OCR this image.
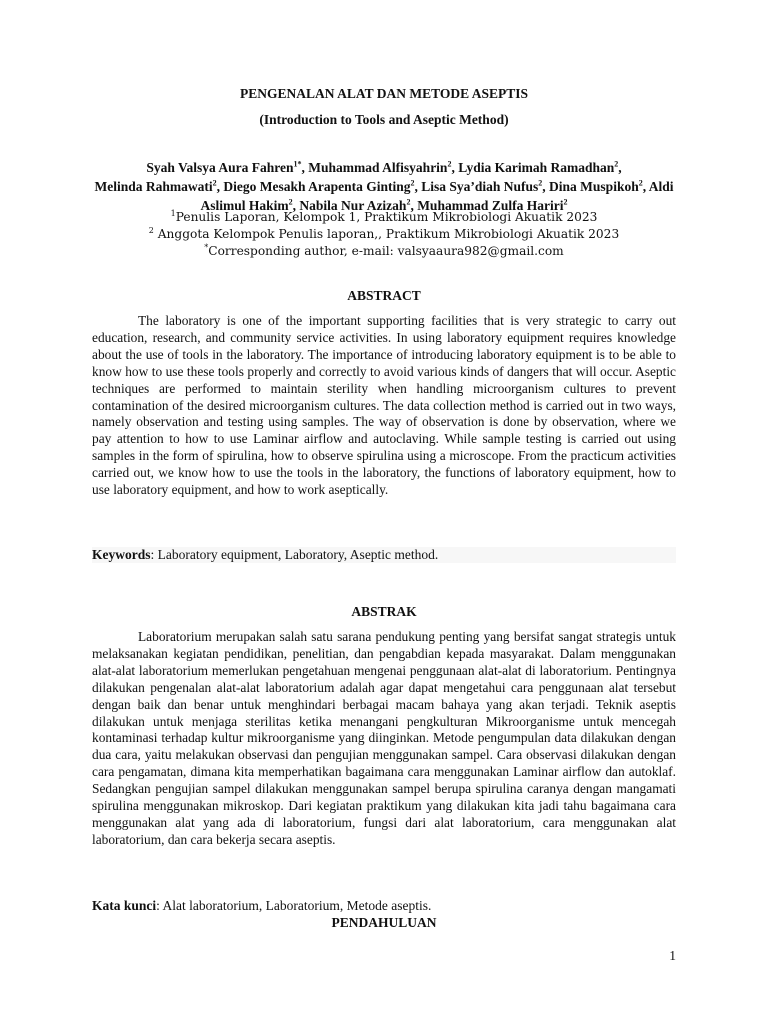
PENGENALAN ALAT DAN METODE ASEPTIS
(Introduction to Tools and Aseptic Method)
Syah Valsya Aura Fahren$^{1*}$, Muhammad Alfisyahrin$^2$, Lydia Karimah Ramadhan$^2$,
Melinda Rahmawati$^2$, Diego Mesakh Arapenta Ginting$^2$, Lisa Sya’diah Nufus$^2$, Dina Muspikoh$^2$, Aldi Aslimul Hakim$^2$, Nabila Nur Azizah$^2$, Muhammad Zulfa Hariri$^2$
$^1$Penulis Laporan, Kelompok 1, Praktikum Mikrobiologi Akuatik 2023
$^2$ Anggota Kelompok Penulis laporan,, Praktikum Mikrobiologi Akuatik 2023
*Corresponding author, e-mail: valsyaaura982@gmail.com
ABSTRACT
The laboratory is one of the important supporting facilities that is very strategic to carry out education, research, and community service activities. In using laboratory equipment requires knowledge about the use of tools in the laboratory. The importance of introducing laboratory equipment is to be able to know how to use these tools properly and correctly to avoid various kinds of dangers that will occur. Aseptic techniques are performed to maintain sterility when handling microorganism cultures to prevent contamination of the desired microorganism cultures. The data collection method is carried out in two ways, namely observation and testing using samples. The way of observation is done by observation, where we pay attention to how to use Laminar airflow and autoclaving. While sample testing is carried out using samples in the form of spirulina, how to observe spirulina using a microscope. From the practicum activities carried out, we know how to use the tools in the laboratory, the functions of laboratory equipment, how to use laboratory equipment, and how to work aseptically.
Keywords: Laboratory equipment, Laboratory, Aseptic method.
ABSTRAK
Laboratorium merupakan salah satu sarana pendukung penting yang bersifat sangat strategis untuk melaksanakan kegiatan pendidikan, penelitian, dan pengabdian kepada masyarakat. Dalam menggunakan alat-alat laboratorium memerlukan pengetahuan mengenai penggunaan alat-alat di laboratorium. Pentingnya dilakukan pengenalan alat-alat laboratorium adalah agar dapat mengetahui cara penggunaan alat tersebut dengan baik dan benar untuk menghindari berbagai macam bahaya yang akan terjadi. Teknik aseptis dilakukan untuk menjaga sterilitas ketika menangani pengkulturan Mikroorganisme untuk mencegah kontaminasi terhadap kultur mikroorganisme yang diinginkan. Metode pengumpulan data dilakukan dengan dua cara, yaitu melakukan observasi dan pengujian menggunakan sampel. Cara observasi dilakukan dengan cara pengamatan, dimana kita memperhatikan bagaimana cara menggunakan Laminar airflow dan autoklaf. Sedangkan pengujian sampel dilakukan menggunakan sampel berupa spirulina caranya dengan mangamati spirulina menggunakan mikroskop. Dari kegiatan praktikum yang dilakukan kita jadi tahu bagaimana cara menggunakan alat yang ada di laboratorium, fungsi dari alat laboratorium, cara menggunakan alat laboratorium, dan cara bekerja secara aseptis.
Kata kunci: Alat laboratorium, Laboratorium, Metode aseptis.
PENDAHULUAN
1
